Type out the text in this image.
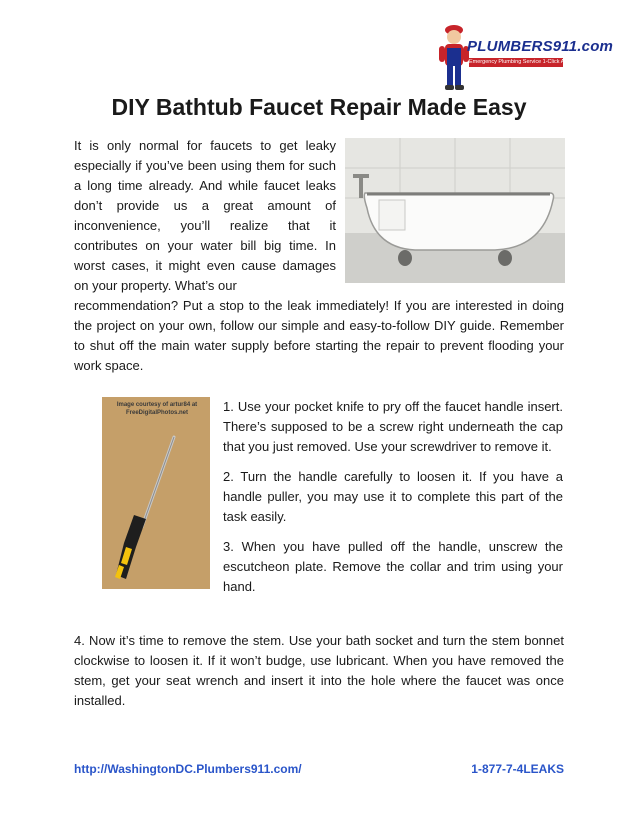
PLUMBERS911.com
Emergency Plumbing Service 1-Click Away
DIY Bathtub Faucet Repair Made Easy

It is only normal for faucets to get leaky especially if you’ve been using them for such a long time already. And while faucet leaks don’t provide us a great amount of inconvenience, you’ll realize that it contributes on your water bill big time. In worst cases, it might even cause damages on your property. What’s our

recommendation? Put a stop to the leak immediately! If you are interested in doing the project on your own, follow our simple and easy-to-follow DIY guide. Remember to shut off the main water supply before starting the repair to prevent flooding your work space.

Image courtesy of artur84 at FreeDigitalPhotos.net	1. Use your pocket knife to pry off the faucet handle insert. There’s supposed to be a screw right underneath the cap that you just removed. Use your screwdriver to remove it.

2. Turn the handle carefully to loosen it. If you have a handle puller, you may use it to complete this part of the task easily.

3. When you have pulled off the handle, unscrew the escutcheon plate. Remove the collar and trim using your hand.

4. Now it’s time to remove the stem. Use your bath socket and turn the stem bonnet clockwise to loosen it. If it won’t budge, use lubricant. When you have removed the stem, get your seat wrench and insert it into the hole where the faucet was once installed.

http://WashingtonDC.Plumbers911.com/	1-877-7-4LEAKS
